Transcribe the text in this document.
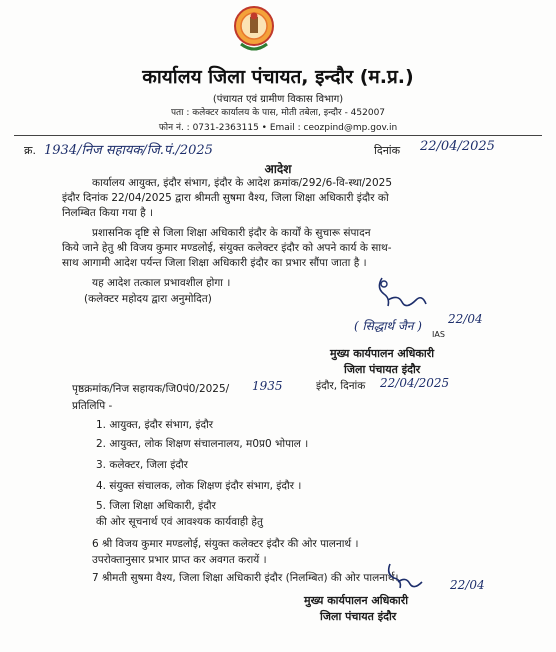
कार्यालय जिला पंचायत, इन्दौर (म.प्र.)
(पंचायत एवं ग्रामीण विकास विभाग)
पता : कलेक्टर कार्यालय के पास, मोती तबेला, इन्दौर - 452007
फोन नं. : 0731-2363115 • Email : ceozpind@mp.gov.in
क्र. 1934/निज सहायक/जि.पं./2025	दिनांक 22/04/2025
आदेश
कार्यालय आयुक्त, इंदौर संभाग, इंदौर के आदेश क्रमांक/292/6-वि-स्था/2025
इंदौर दिनांक 22/04/2025 द्वारा श्रीमती सुषमा वैश्य, जिला शिक्षा अधिकारी इंदौर को
निलम्बित किया गया है ।
प्रशासनिक दृष्टि से जिला शिक्षा अधिकारी इंदौर के कार्यों के सुचारू संपादन
किये जाने हेतु श्री विजय कुमार मण्डलोई, संयुक्त कलेक्टर इंदौर को अपने कार्य के साथ-
साथ आगामी आदेश पर्यन्त जिला शिक्षा अधिकारी इंदौर का प्रभार सौंपा जाता है ।
यह आदेश तत्काल प्रभावशील होगा ।
(कलेक्टर महोदय द्वारा अनुमोदित)
( सिद्धार्थ जैन ) 22/04
IAS
मुख्य कार्यपालन अधिकारी
जिला पंचायत इंदौर
इंदौर, दिनांक 22/04/2025
पृष्ठक्रमांक/निज सहायक/जि0पं0/2025/ 1935
प्रतिलिपि -
1. आयुक्त, इंदौर संभाग, इंदौर
2. आयुक्त, लोक शिक्षण संचालनालय, म0प्र0 भोपाल ।
3. कलेक्टर, जिला इंदौर
4. संयुक्त संचालक, लोक शिक्षण इंदौर संभाग, इंदौर ।
5. जिला शिक्षा अधिकारी, इंदौर
की ओर सूचनार्थ एवं आवश्यक कार्यवाही हेतु
6 श्री विजय कुमार मण्डलोई, संयुक्त कलेक्टर इंदौर की ओर पालनार्थ ।
उपरोक्तानुसार प्रभार प्राप्त कर अवगत करायें ।
7 श्रीमती सुषमा वैश्य, जिला शिक्षा अधिकारी इंदौर (निलम्बित) की ओर पालनार्थ।	22/04
मुख्य कार्यपालन अधिकारी
जिला पंचायत इंदौर
